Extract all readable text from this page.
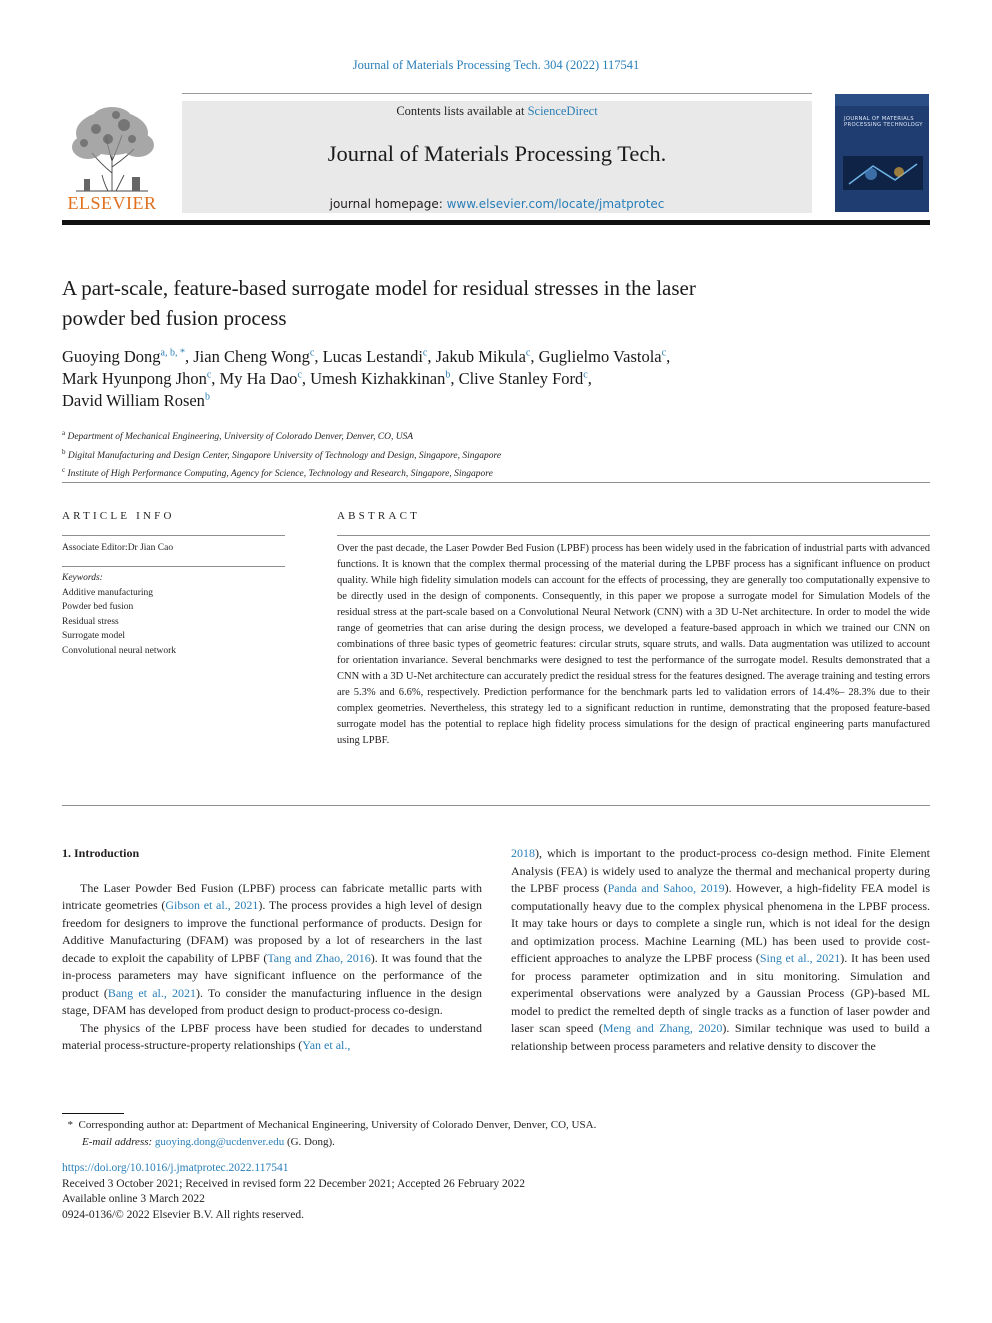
Journal of Materials Processing Tech. 304 (2022) 117541
Contents lists available at ScienceDirect
Journal of Materials Processing Tech.
journal homepage: www.elsevier.com/locate/jmatprotec
ELSEVIER
JOURNAL OF MATERIALS PROCESSING TECHNOLOGY
A part-scale, feature-based surrogate model for residual stresses in the laser
powder bed fusion process
Guoying Dong$^{a, b, *}$, Jian Cheng Wong$^c$, Lucas Lestandi$^c$, Jakub Mikula$^c$, Guglielmo Vastola$^c$,
Mark Hyunpong Jhon$^c$, My Ha Dao$^c$, Umesh Kizhakkinan$^b$, Clive Stanley Ford$^c$,
David William Rosen$^b$
$^a$ Department of Mechanical Engineering, University of Colorado Denver, Denver, CO, USA
$^b$ Digital Manufacturing and Design Center, Singapore University of Technology and Design, Singapore, Singapore
$^c$ Institute of High Performance Computing, Agency for Science, Technology and Research, Singapore, Singapore
ARTICLE INFO
Associate Editor:Dr Jian Cao
Keywords:
Additive manufacturing
Powder bed fusion
Residual stress
Surrogate model
Convolutional neural network
ABSTRACT
Over the past decade, the Laser Powder Bed Fusion (LPBF) process has been widely used in the fabrication of industrial parts with advanced functions. It is known that the complex thermal processing of the material during the LPBF process has a significant influence on product quality. While high fidelity simulation models can account for the effects of processing, they are generally too computationally expensive to be directly used in the design of components. Consequently, in this paper we propose a surrogate model for Simulation Models of the residual stress at the part-scale based on a Convolutional Neural Network (CNN) with a 3D U-Net architecture. In order to model the wide range of geometries that can arise during the design process, we developed a feature-based approach in which we trained our CNN on combinations of three basic types of geometric features: circular struts, square struts, and walls. Data augmentation was utilized to account for orientation invariance. Several benchmarks were designed to test the performance of the surrogate model. Results demonstrated that a CNN with a 3D U-Net architecture can accurately predict the residual stress for the features designed. The average training and testing errors are 5.3% and 6.6%, respectively. Prediction performance for the benchmark parts led to validation errors of 14.4%– 28.3% due to their complex geometries. Nevertheless, this strategy led to a significant reduction in runtime, demonstrating that the proposed feature-based surrogate model has the potential to replace high fidelity process simulations for the design of practical engineering parts manufactured using LPBF.

1. Introduction

The Laser Powder Bed Fusion (LPBF) process can fabricate metallic parts with intricate geometries (Gibson et al., 2021). The process provides a high level of design freedom for designers to improve the functional performance of products. Design for Additive Manufacturing (DFAM) was proposed by a lot of researchers in the last decade to exploit the capability of LPBF (Tang and Zhao, 2016). It was found that the in-process parameters may have significant influence on the performance of the product (Bang et al., 2021). To consider the manufacturing influence in the design stage, DFAM has developed from product design to product-process co-design.

The physics of the LPBF process have been studied for decades to understand material process-structure-property relationships (Yan et al.,

2018), which is important to the product-process co-design method. Finite Element Analysis (FEA) is widely used to analyze the thermal and mechanical property during the LPBF process (Panda and Sahoo, 2019). However, a high-fidelity FEA model is computationally heavy due to the complex physical phenomena in the LPBF process. It may take hours or days to complete a single run, which is not ideal for the design and optimization process. Machine Learning (ML) has been used to provide cost-efficient approaches to analyze the LPBF process (Sing et al., 2021). It has been used for process parameter optimization and in situ monitoring. Simulation and experimental observations were analyzed by a Gaussian Process (GP)-based ML model to predict the remelted depth of single tracks as a function of laser powder and laser scan speed (Meng and Zhang, 2020). Similar technique was used to build a relationship between process parameters and relative density to discover the

* Corresponding author at: Department of Mechanical Engineering, University of Colorado Denver, Denver, CO, USA.
E-mail address: guoying.dong@ucdenver.edu (G. Dong).
https://doi.org/10.1016/j.jmatprotec.2022.117541
Received 3 October 2021; Received in revised form 22 December 2021; Accepted 26 February 2022
Available online 3 March 2022
0924-0136/© 2022 Elsevier B.V. All rights reserved.
